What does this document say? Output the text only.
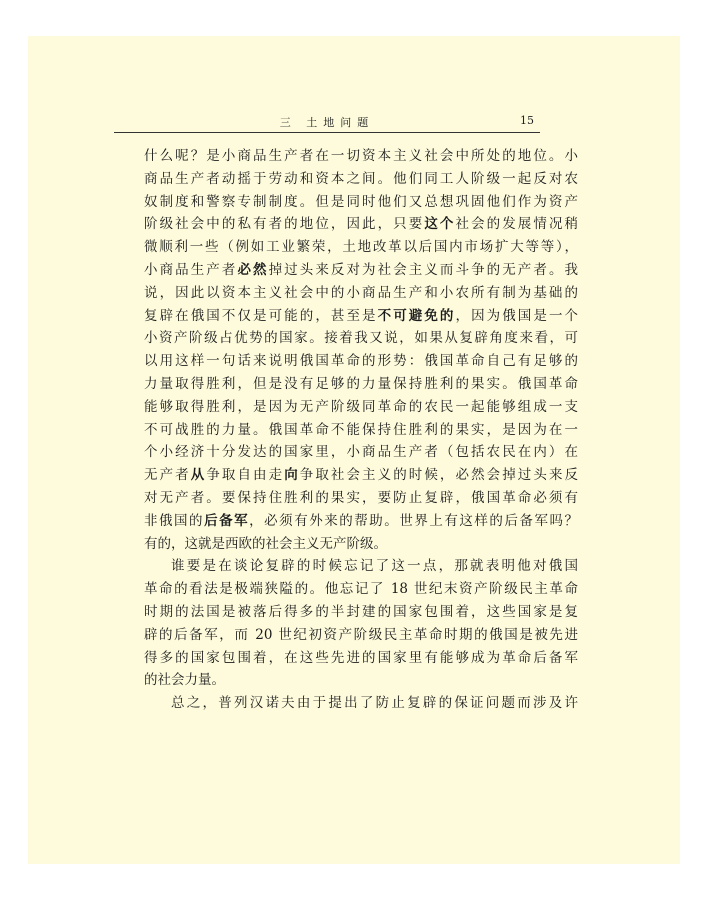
三 土地问题	15

什么呢？是小商品生产者在一切资本主义社会中所处的地位。小
商品生产者动摇于劳动和资本之间。他们同工人阶级一起反对农
奴制度和警察专制制度。但是同时他们又总想巩固他们作为资产
阶级社会中的私有者的地位，因此，只要这个社会的发展情况稍
微顺利一些（例如工业繁荣，土地改革以后国内市场扩大等等），
小商品生产者必然掉过头来反对为社会主义而斗争的无产者。我
说，因此以资本主义社会中的小商品生产和小农所有制为基础的
复辟在俄国不仅是可能的，甚至是不可避免的，因为俄国是一个
小资产阶级占优势的国家。接着我又说，如果从复辟角度来看，可
以用这样一句话来说明俄国革命的形势：俄国革命自己有足够的
力量取得胜利，但是没有足够的力量保持胜利的果实。俄国革命
能够取得胜利，是因为无产阶级同革命的农民一起能够组成一支
不可战胜的力量。俄国革命不能保持住胜利的果实，是因为在一
个小经济十分发达的国家里，小商品生产者（包括农民在内）在
无产者从争取自由走向争取社会主义的时候，必然会掉过头来反
对无产者。要保持住胜利的果实，要防止复辟，俄国革命必须有
非俄国的后备军，必须有外来的帮助。世界上有这样的后备军吗？
有的，这就是西欧的社会主义无产阶级。

谁要是在谈论复辟的时候忘记了这一点，那就表明他对俄国
革命的看法是极端狭隘的。他忘记了 18 世纪末资产阶级民主革命
时期的法国是被落后得多的半封建的国家包围着，这些国家是复
辟的后备军，而 20 世纪初资产阶级民主革命时期的俄国是被先进
得多的国家包围着，在这些先进的国家里有能够成为革命后备军
的社会力量。

总之，普列汉诺夫由于提出了防止复辟的保证问题而涉及许
